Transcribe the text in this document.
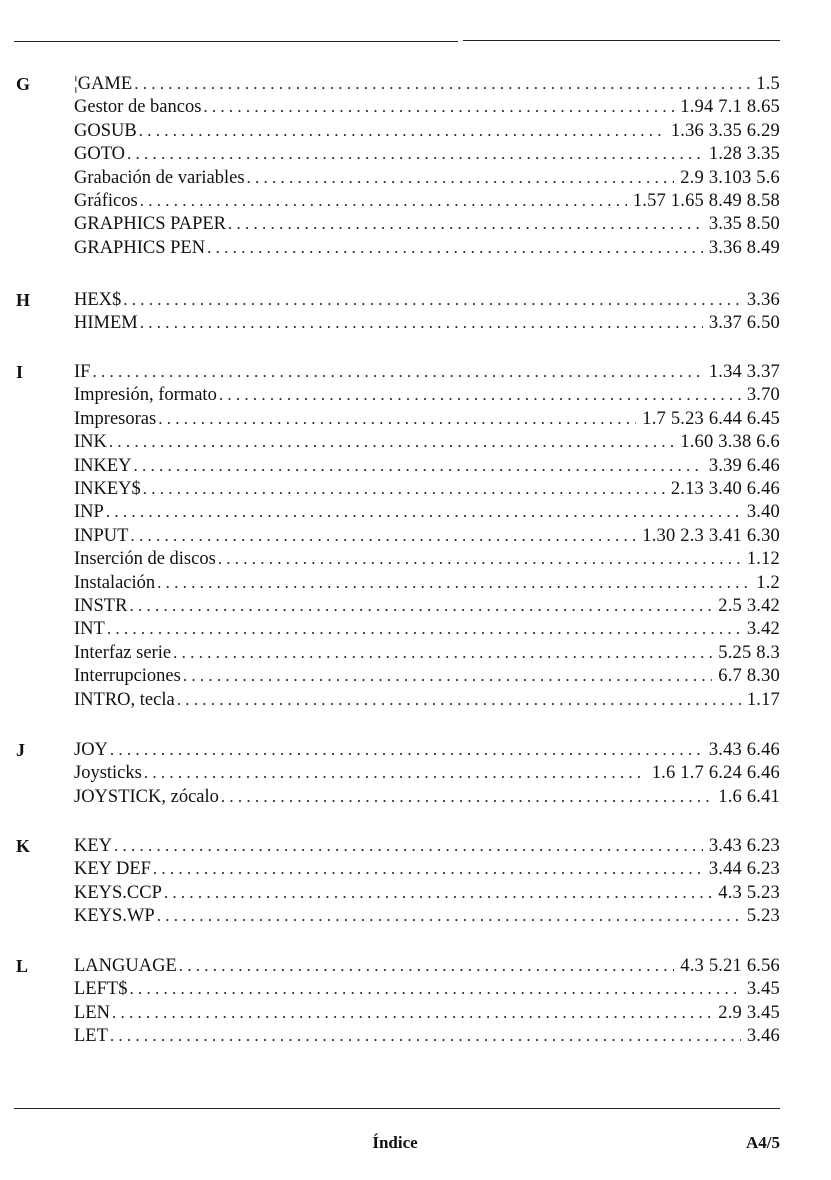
G	¦GAME . . .	1.5
Gestor de bancos . . .	1.94 7.1 8.65
GOSUB . . .	1.36 3.35 6.29
GOTO . . .	1.28 3.35
Grabación de variables . . .	2.9 3.103 5.6
Gráficos . . .	1.57 1.65 8.49 8.58
GRAPHICS PAPER . . .	3.35 8.50
GRAPHICS PEN . . .	3.36 8.49
H	HEX$ . . .	3.36
HIMEM . . .	3.37 6.50
I	IF . . .	1.34 3.37
Impresión, formato . . .	3.70
Impresoras . . .	1.7 5.23 6.44 6.45
INK . . .	1.60 3.38 6.6
INKEY . . .	3.39 6.46
INKEY$ . . .	2.13 3.40 6.46
INP . . .	3.40
INPUT . . .	1.30 2.3 3.41 6.30
Inserción de discos . . .	1.12
Instalación . . .	1.2
INSTR . . .	2.5 3.42
INT . . .	3.42
Interfaz serie . . .	5.25 8.3
Interrupciones . . .	6.7 8.30
INTRO, tecla . . .	1.17
J	JOY . . .	3.43 6.46
Joysticks . . .	1.6 1.7 6.24 6.46
JOYSTICK, zócalo . . .	1.6 6.41
K	KEY . . .	3.43 6.23
KEY DEF . . .	3.44 6.23
KEYS.CCP . . .	4.3 5.23
KEYS.WP . . .	5.23
L	LANGUAGE . . .	4.3 5.21 6.56
LEFT$ . . .	3.45
LEN . . .	2.9 3.45
LET . . .	3.46
Índice	A4/5
